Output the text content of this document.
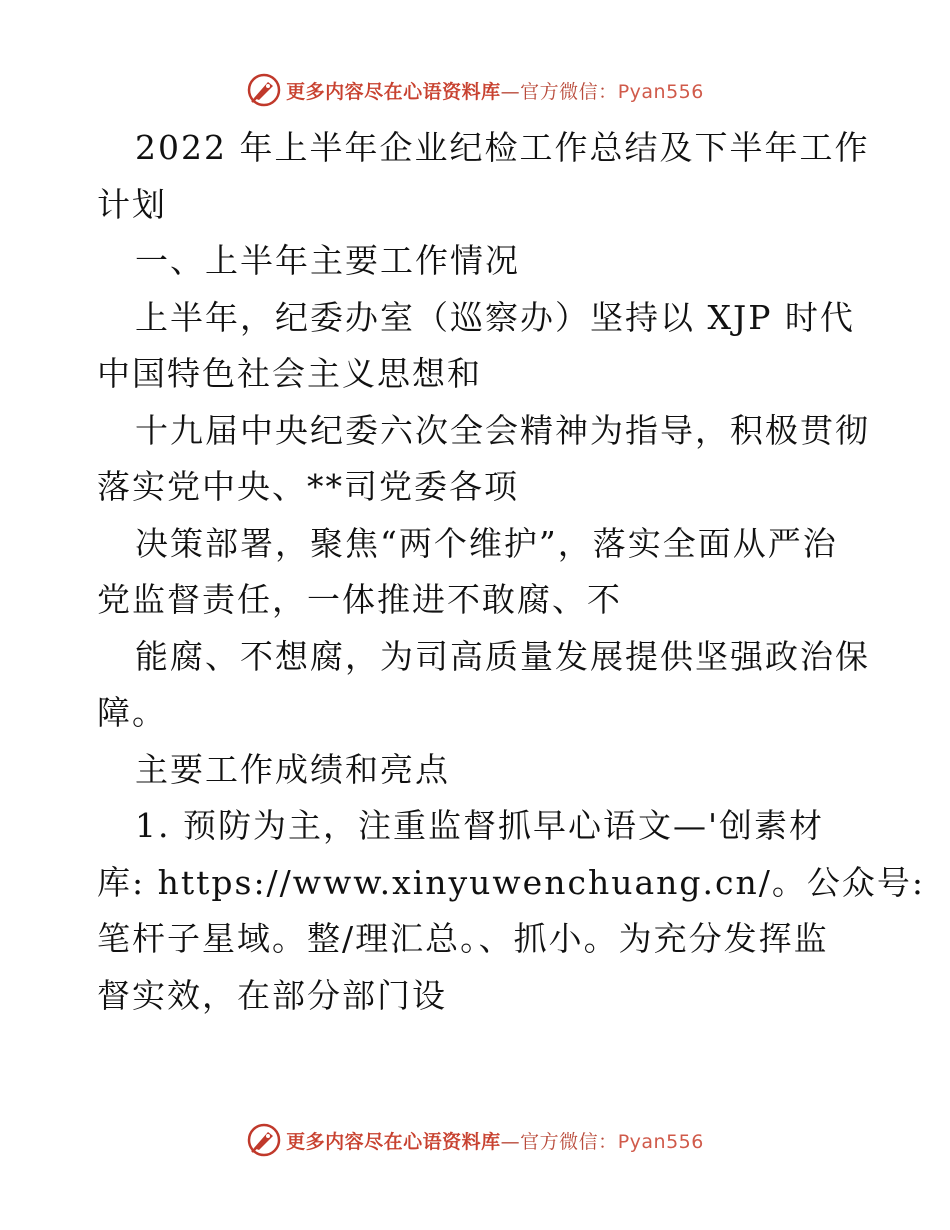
更多内容尽在心语资料库—官方微信：Pyan556
2022 年上半年企业纪检工作总结及下半年工作
计划
一、上半年主要工作情况
上半年，纪委办室（巡察办）坚持以 XJP 时代
中国特色社会主义思想和
十九届中央纪委六次全会精神为指导，积极贯彻
落实党中央、**司党委各项
决策部署，聚焦“两个维护”，落实全面从严治
党监督责任，一体推进不敢腐、不
能腐、不想腐，为司高质量发展提供坚强政治保
障。
主要工作成绩和亮点
1. 预防为主，注重监督抓早心语文—'创素材
库: https://www.xinyuwenchuang.cn/。公众号:
笔杆子星域。整/理汇总。、抓小。为充分发挥监
督实效，在部分部门设
更多内容尽在心语资料库—官方微信：Pyan556
